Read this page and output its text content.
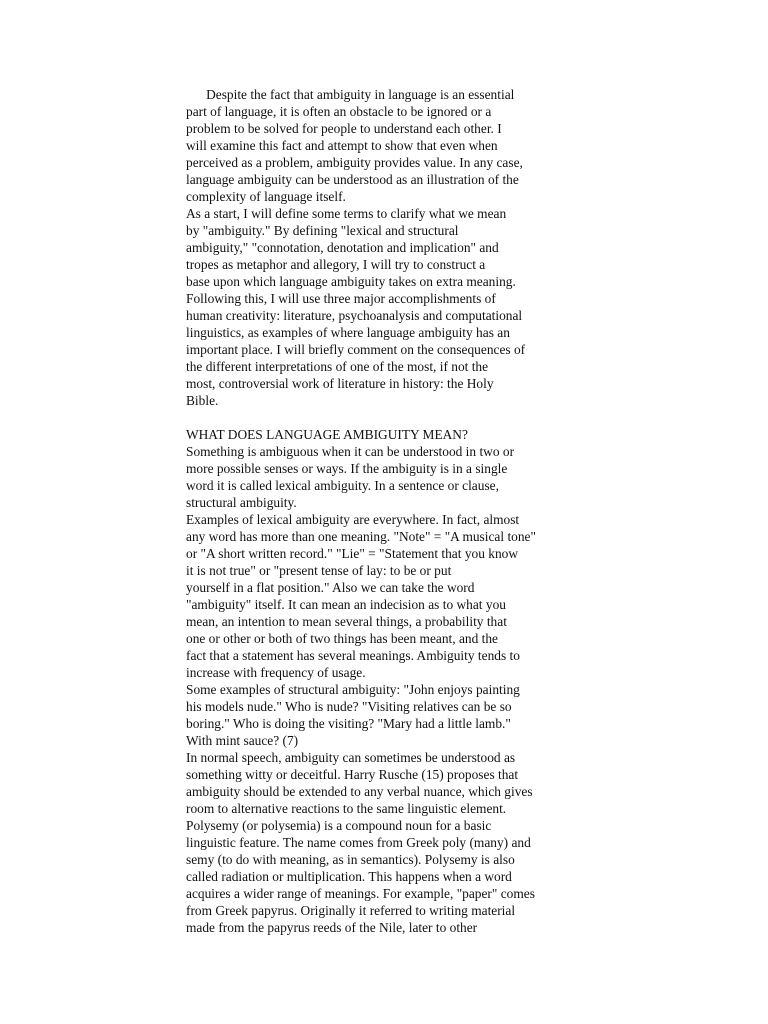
Despite the fact that ambiguity in language is an essential
part of language, it is often an obstacle to be ignored or a
problem to be solved for people to understand each other. I
will examine this fact and attempt to show that even when
perceived as a problem, ambiguity provides value. In any case,
language ambiguity can be understood as an illustration of the
complexity of language itself.
As a start, I will define some terms to clarify what we mean
by "ambiguity." By defining "lexical and structural
ambiguity," "connotation, denotation and implication" and
tropes as metaphor and allegory, I will try to construct a
base upon which language ambiguity takes on extra meaning.
Following this, I will use three major accomplishments of
human creativity: literature, psychoanalysis and computational
linguistics, as examples of where language ambiguity has an
important place. I will briefly comment on the consequences of
the different interpretations of one of the most, if not the
most, controversial work of literature in history: the Holy
Bible.
WHAT DOES LANGUAGE AMBIGUITY MEAN?
Something is ambiguous when it can be understood in two or
more possible senses or ways. If the ambiguity is in a single
word it is called lexical ambiguity. In a sentence or clause,
structural ambiguity.
Examples of lexical ambiguity are everywhere. In fact, almost
any word has more than one meaning. "Note" = "A musical tone"
or "A short written record." "Lie" = "Statement that you know
it is not true" or "present tense of lay: to be or put
yourself in a flat position." Also we can take the word
"ambiguity" itself. It can mean an indecision as to what you
mean, an intention to mean several things, a probability that
one or other or both of two things has been meant, and the
fact that a statement has several meanings. Ambiguity tends to
increase with frequency of usage.
Some examples of structural ambiguity: "John enjoys painting
his models nude." Who is nude? "Visiting relatives can be so
boring." Who is doing the visiting? "Mary had a little lamb."
With mint sauce? (7)
In normal speech, ambiguity can sometimes be understood as
something witty or deceitful. Harry Rusche (15) proposes that
ambiguity should be extended to any verbal nuance, which gives
room to alternative reactions to the same linguistic element.
Polysemy (or polysemia) is a compound noun for a basic
linguistic feature. The name comes from Greek poly (many) and
semy (to do with meaning, as in semantics). Polysemy is also
called radiation or multiplication. This happens when a word
acquires a wider range of meanings. For example, "paper" comes
from Greek papyrus. Originally it referred to writing material
made from the papyrus reeds of the Nile, later to other
